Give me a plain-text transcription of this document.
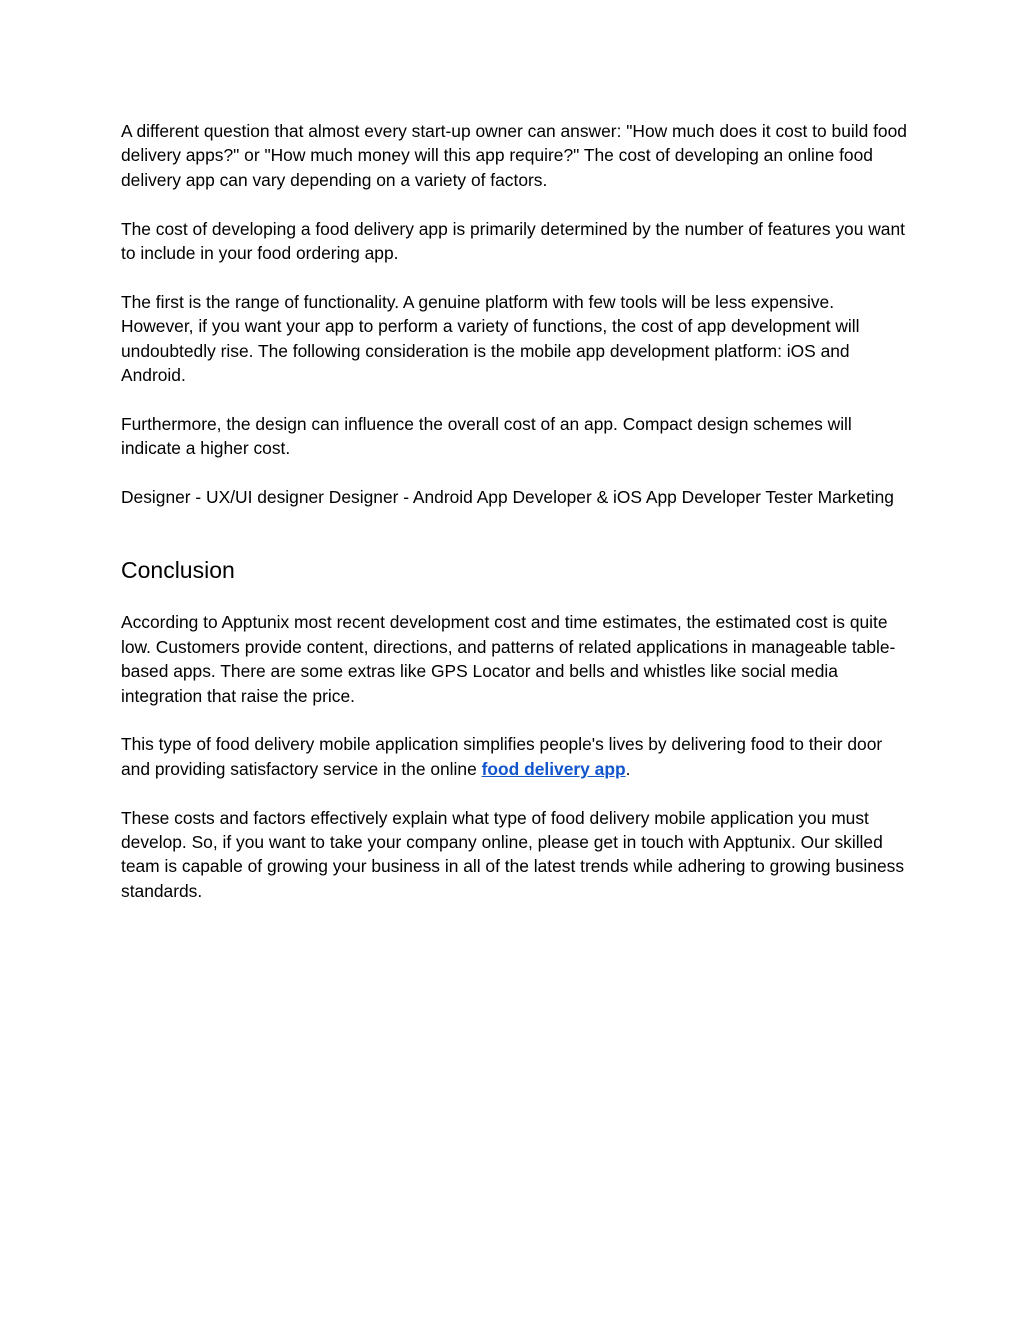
A different question that almost every start-up owner can answer: "How much does it cost to build food delivery apps?" or "How much money will this app require?" The cost of developing an online food delivery app can vary depending on a variety of factors.

The cost of developing a food delivery app is primarily determined by the number of features you want to include in your food ordering app.

The first is the range of functionality. A genuine platform with few tools will be less expensive. However, if you want your app to perform a variety of functions, the cost of app development will undoubtedly rise. The following consideration is the mobile app development platform: iOS and Android.

Furthermore, the design can influence the overall cost of an app. Compact design schemes will indicate a higher cost.

Designer - UX/UI designer Designer - Android App Developer & iOS App Developer Tester Marketing

Conclusion

According to Apptunix most recent development cost and time estimates, the estimated cost is quite low. Customers provide content, directions, and patterns of related applications in manageable table-based apps. There are some extras like GPS Locator and bells and whistles like social media integration that raise the price.

This type of food delivery mobile application simplifies people's lives by delivering food to their door and providing satisfactory service in the online food delivery app.

These costs and factors effectively explain what type of food delivery mobile application you must develop. So, if you want to take your company online, please get in touch with Apptunix. Our skilled team is capable of growing your business in all of the latest trends while adhering to growing business standards.
